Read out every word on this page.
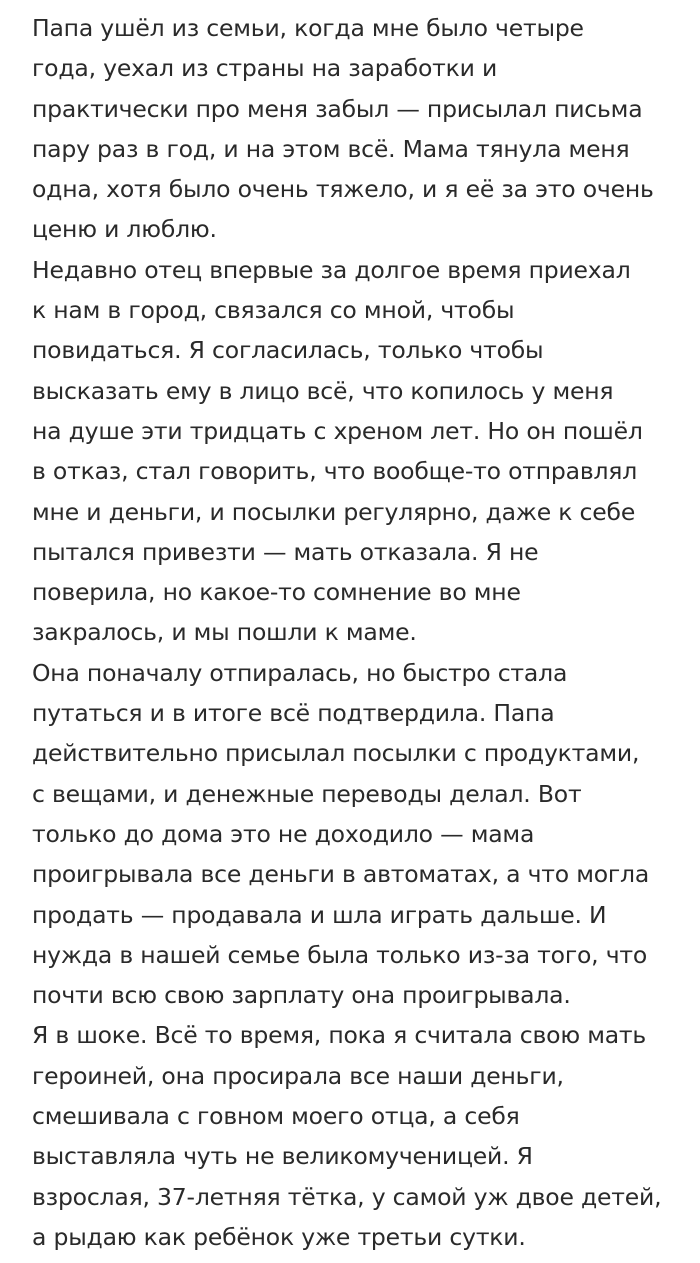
Папа ушёл из семьи, когда мне было четыре
года, уехал из страны на заработки и
практически про меня забыл — присылал письма
пару раз в год, и на этом всё. Мама тянула меня
одна, хотя было очень тяжело, и я её за это очень
ценю и люблю.
Недавно отец впервые за долгое время приехал
к нам в город, связался со мной, чтобы
повидаться. Я согласилась, только чтобы
высказать ему в лицо всё, что копилось у меня
на душе эти тридцать с хреном лет. Но он пошёл
в отказ, стал говорить, что вообще-то отправлял
мне и деньги, и посылки регулярно, даже к себе
пытался привезти — мать отказала. Я не
поверила, но какое-то сомнение во мне
закралось, и мы пошли к маме.
Она поначалу отпиралась, но быстро стала
путаться и в итоге всё подтвердила. Папа
действительно присылал посылки с продуктами,
с вещами, и денежные переводы делал. Вот
только до дома это не доходило — мама
проигрывала все деньги в автоматах, а что могла
продать — продавала и шла играть дальше. И
нужда в нашей семье была только из-за того, что
почти всю свою зарплату она проигрывала.
Я в шоке. Всё то время, пока я считала свою мать
героиней, она просирала все наши деньги,
смешивала с говном моего отца, а себя
выставляла чуть не великомученицей. Я
взрослая, 37-летняя тётка, у самой уж двое детей,
а рыдаю как ребёнок уже третьи сутки.
